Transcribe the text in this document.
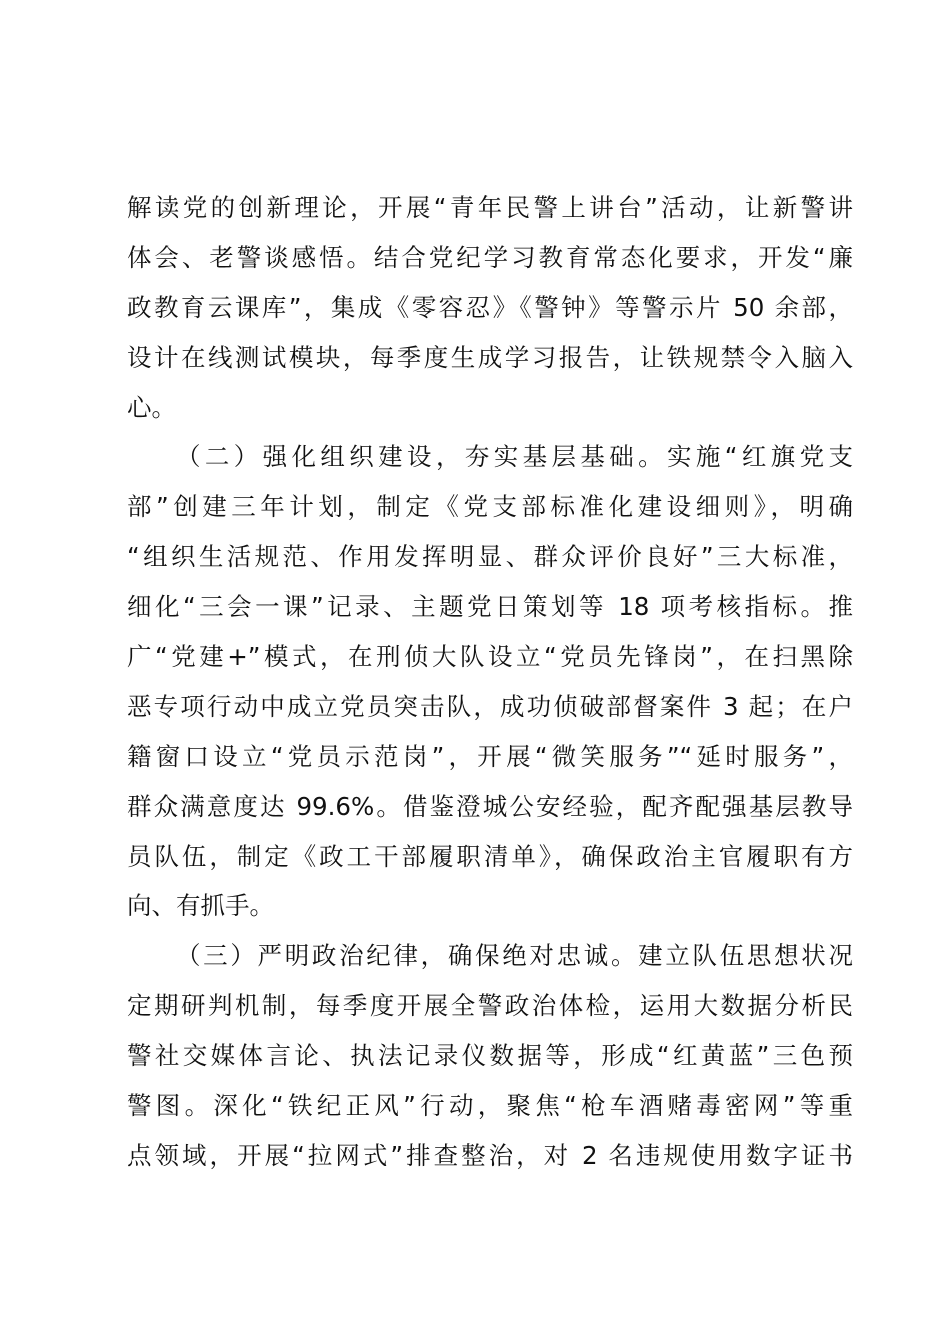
解读党的创新理论，开展“青年民警上讲台”活动，让新警讲
体会、老警谈感悟。结合党纪学习教育常态化要求，开发“廉
政教育云课库”，集成《零容忍》《警钟》等警示片 50 余部，
设计在线测试模块，每季度生成学习报告，让铁规禁令入脑入
心。
（二）强化组织建设，夯实基层基础。实施“红旗党支
部”创建三年计划，制定《党支部标准化建设细则》，明确
“组织生活规范、作用发挥明显、群众评价良好”三大标准，
细化“三会一课”记录、主题党日策划等 18 项考核指标。推
广“党建+”模式，在刑侦大队设立“党员先锋岗”，在扫黑除
恶专项行动中成立党员突击队，成功侦破部督案件 3 起；在户
籍窗口设立“党员示范岗”，开展“微笑服务”“延时服务”，
群众满意度达 99.6%。借鉴澄城公安经验，配齐配强基层教导
员队伍，制定《政工干部履职清单》，确保政治主官履职有方
向、有抓手。
（三）严明政治纪律，确保绝对忠诚。建立队伍思想状况
定期研判机制，每季度开展全警政治体检，运用大数据分析民
警社交媒体言论、执法记录仪数据等，形成“红黄蓝”三色预
警图。深化“铁纪正风”行动，聚焦“枪车酒赌毒密网”等重
点领域，开展“拉网式”排查整治，对 2 名违规使用数字证书
